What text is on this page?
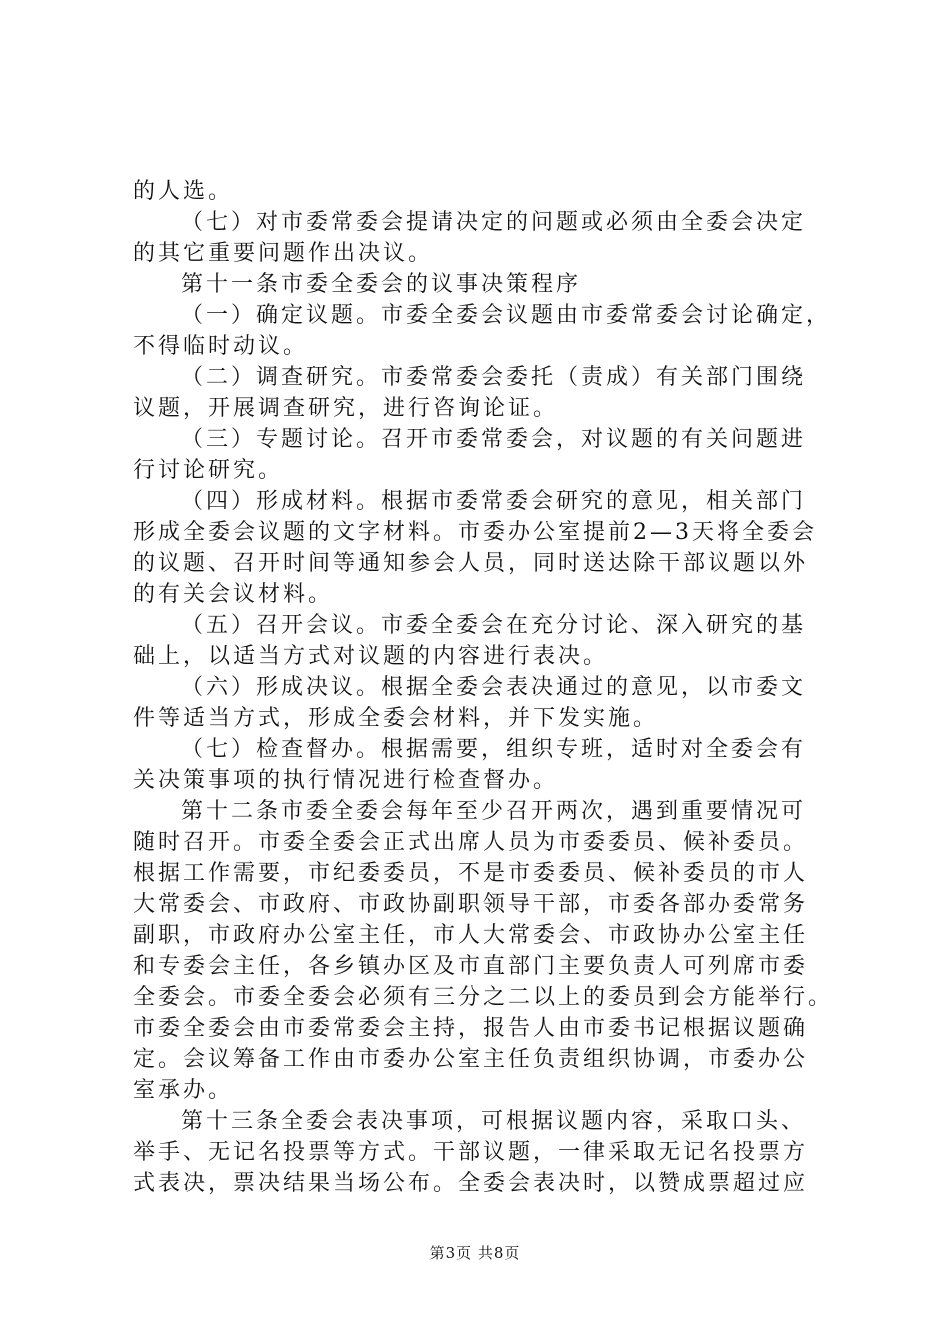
的人选。
（七）对市委常委会提请决定的问题或必须由全委会决定
的其它重要问题作出决议。
第十一条市委全委会的议事决策程序
（一）确定议题。市委全委会议题由市委常委会讨论确定，
不得临时动议。
（二）调查研究。市委常委会委托（责成）有关部门围绕
议题，开展调查研究，进行咨询论证。
（三）专题讨论。召开市委常委会，对议题的有关问题进
行讨论研究。
（四）形成材料。根据市委常委会研究的意见，相关部门
形成全委会议题的文字材料。市委办公室提前2—3天将全委会
的议题、召开时间等通知参会人员，同时送达除干部议题以外
的有关会议材料。
（五）召开会议。市委全委会在充分讨论、深入研究的基
础上，以适当方式对议题的内容进行表决。
（六）形成决议。根据全委会表决通过的意见，以市委文
件等适当方式，形成全委会材料，并下发实施。
（七）检查督办。根据需要，组织专班，适时对全委会有
关决策事项的执行情况进行检查督办。
第十二条市委全委会每年至少召开两次，遇到重要情况可
随时召开。市委全委会正式出席人员为市委委员、候补委员。
根据工作需要，市纪委委员，不是市委委员、候补委员的市人
大常委会、市政府、市政协副职领导干部，市委各部办委常务
副职，市政府办公室主任，市人大常委会、市政协办公室主任
和专委会主任，各乡镇办区及市直部门主要负责人可列席市委
全委会。市委全委会必须有三分之二以上的委员到会方能举行。
市委全委会由市委常委会主持，报告人由市委书记根据议题确
定。会议筹备工作由市委办公室主任负责组织协调，市委办公
室承办。
第十三条全委会表决事项，可根据议题内容，采取口头、
举手、无记名投票等方式。干部议题，一律采取无记名投票方
式表决，票决结果当场公布。全委会表决时，以赞成票超过应
第3页 共8页
